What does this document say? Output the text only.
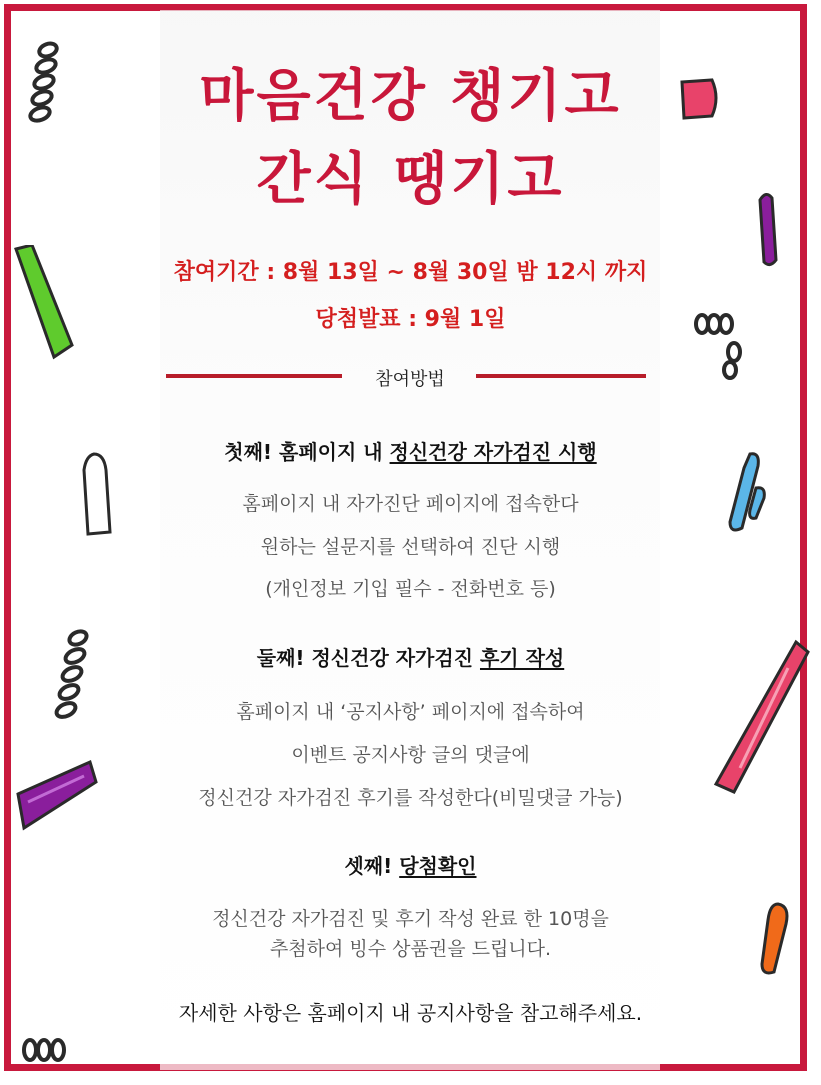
마음건강 챙기고
간식 땡기고
참여기간 : 8월 13일 ~ 8월 30일 밤 12시 까지
당첨발표 : 9월 1일
참여방법
첫째! 홈페이지 내 정신건강 자가검진 시행
홈페이지 내 자가진단 페이지에 접속한다
원하는 설문지를 선택하여 진단 시행
(개인정보 기입 필수 - 전화번호 등)
둘째! 정신건강 자가검진 후기 작성
홈페이지 내 ‘공지사항’ 페이지에 접속하여
이벤트 공지사항 글의 댓글에
정신건강 자가검진 후기를 작성한다(비밀댓글 가능)
셋째! 당첨확인
정신건강 자가검진 및 후기 작성 완료 한 10명을
추첨하여 빙수 상품권을 드립니다.
자세한 사항은 홈페이지 내 공지사항을 참고해주세요.
